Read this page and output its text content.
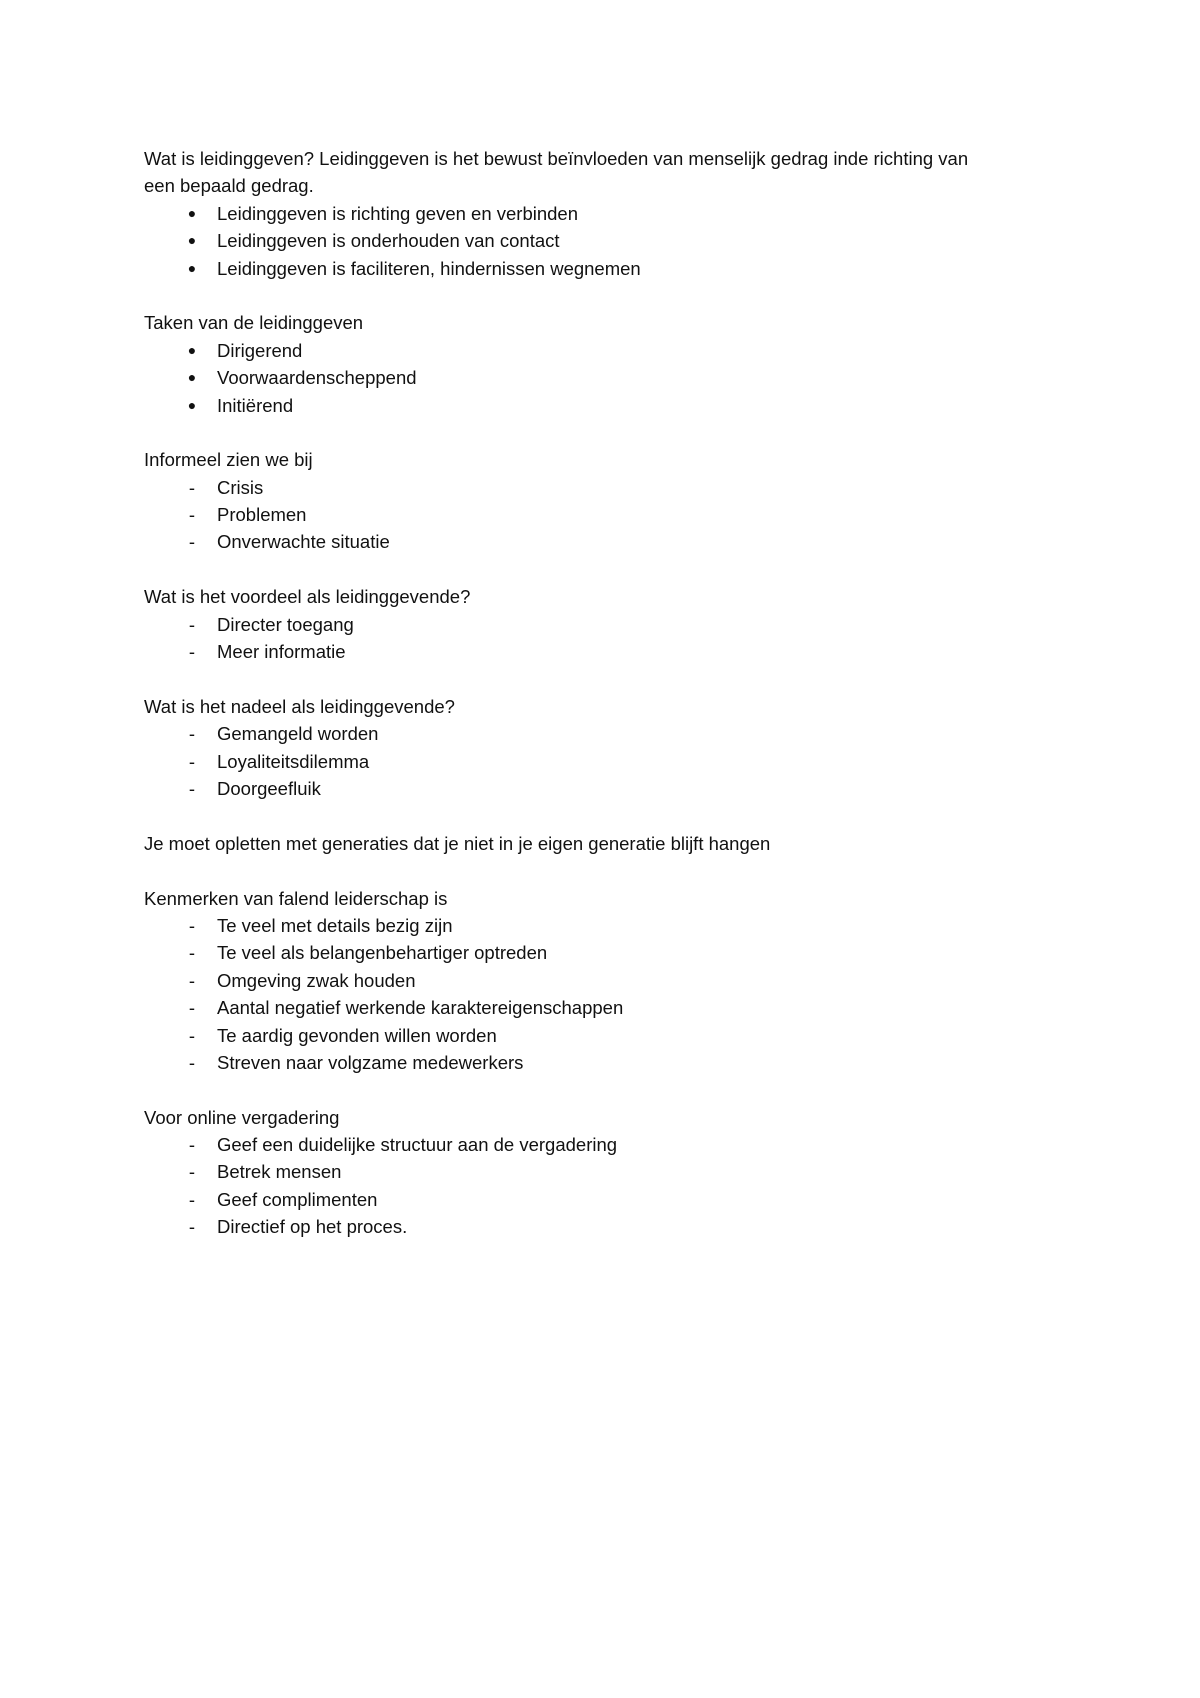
Wat is leidinggeven? Leidinggeven is het bewust beïnvloeden van menselijk gedrag inde richting van
een bepaald gedrag.
●	Leidinggeven is richting geven en verbinden
●	Leidinggeven is onderhouden van contact
●	Leidinggeven is faciliteren, hindernissen wegnemen
Taken van de leidinggeven
●	Dirigerend
●	Voorwaardenscheppend
●	Initiërend
Informeel zien we bij
-	Crisis
-	Problemen
-	Onverwachte situatie
Wat is het voordeel als leidinggevende?
-	Directer toegang
-	Meer informatie
Wat is het nadeel als leidinggevende?
-	Gemangeld worden
-	Loyaliteitsdilemma
-	Doorgeefluik
Je moet opletten met generaties dat je niet in je eigen generatie blijft hangen
Kenmerken van falend leiderschap is
-	Te veel met details bezig zijn
-	Te veel als belangenbehartiger optreden
-	Omgeving zwak houden
-	Aantal negatief werkende karaktereigenschappen
-	Te aardig gevonden willen worden
-	Streven naar volgzame medewerkers
Voor online vergadering
-	Geef een duidelijke structuur aan de vergadering
-	Betrek mensen
-	Geef complimenten
-	Directief op het proces.
